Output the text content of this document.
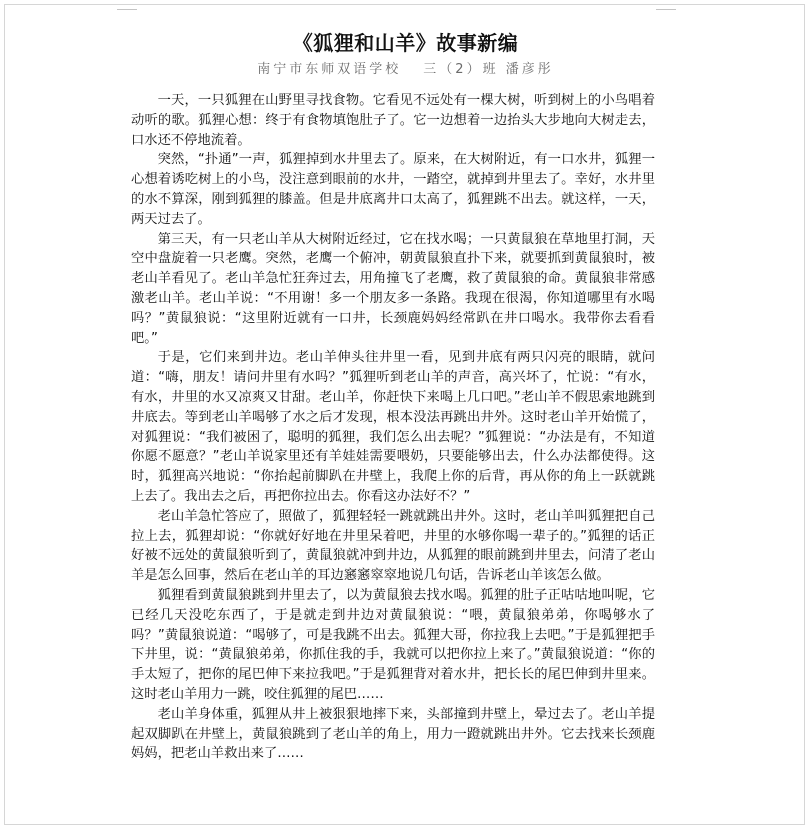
《狐狸和山羊》故事新编
南宁市东师双语学校 三（2）班 潘彦彤

一天，一只狐狸在山野里寻找食物。它看见不远处有一棵大树，听到树上的小鸟唱着动听的歌。狐狸心想：终于有食物填饱肚子了。它一边想着一边抬头大步地向大树走去，口水还不停地流着。

突然，“扑通”一声，狐狸掉到水井里去了。原来，在大树附近，有一口水井，狐狸一心想着诱吃树上的小鸟，没注意到眼前的水井，一踏空，就掉到井里去了。幸好，水井里的水不算深，刚到狐狸的膝盖。但是井底离井口太高了，狐狸跳不出去。就这样，一天，两天过去了。

第三天，有一只老山羊从大树附近经过，它在找水喝；一只黄鼠狼在草地里打洞，天空中盘旋着一只老鹰。突然，老鹰一个俯冲，朝黄鼠狼直扑下来，就要抓到黄鼠狼时，被老山羊看见了。老山羊急忙狂奔过去，用角撞飞了老鹰，救了黄鼠狼的命。黄鼠狼非常感激老山羊。老山羊说：“不用谢！多一个朋友多一条路。我现在很渴，你知道哪里有水喝吗？”黄鼠狼说：“这里附近就有一口井，长颈鹿妈妈经常趴在井口喝水。我带你去看看吧。”

于是，它们来到井边。老山羊伸头往井里一看，见到井底有两只闪亮的眼睛，就问道：“嗨，朋友！请问井里有水吗？”狐狸听到老山羊的声音，高兴坏了，忙说：“有水，有水，井里的水又凉爽又甘甜。老山羊，你赶快下来喝上几口吧。”老山羊不假思索地跳到井底去。等到老山羊喝够了水之后才发现，根本没法再跳出井外。这时老山羊开始慌了，对狐狸说：“我们被困了，聪明的狐狸，我们怎么出去呢？”狐狸说：“办法是有，不知道你愿不愿意？”老山羊说家里还有羊娃娃需要喂奶，只要能够出去，什么办法都使得。这时，狐狸高兴地说：“你抬起前脚趴在井壁上，我爬上你的后背，再从你的角上一跃就跳上去了。我出去之后，再把你拉出去。你看这办法好不？”

老山羊急忙答应了，照做了，狐狸轻轻一跳就跳出井外。这时，老山羊叫狐狸把自己拉上去，狐狸却说：“你就好好地在井里呆着吧，井里的水够你喝一辈子的。”狐狸的话正好被不远处的黄鼠狼听到了，黄鼠狼就冲到井边，从狐狸的眼前跳到井里去，问清了老山羊是怎么回事，然后在老山羊的耳边窸窸窣窣地说几句话，告诉老山羊该怎么做。

狐狸看到黄鼠狼跳到井里去了，以为黄鼠狼去找水喝。狐狸的肚子正咕咕地叫呢，它已经几天没吃东西了，于是就走到井边对黄鼠狼说：“喂，黄鼠狼弟弟，你喝够水了吗？”黄鼠狼说道：“喝够了，可是我跳不出去。狐狸大哥，你拉我上去吧。”于是狐狸把手下井里，说：“黄鼠狼弟弟，你抓住我的手，我就可以把你拉上来了。”黄鼠狼说道：“你的手太短了，把你的尾巴伸下来拉我吧。”于是狐狸背对着水井，把长长的尾巴伸到井里来。这时老山羊用力一跳，咬住狐狸的尾巴……

老山羊身体重，狐狸从井上被狠狠地摔下来，头部撞到井壁上，晕过去了。老山羊提起双脚趴在井壁上，黄鼠狼跳到了老山羊的角上，用力一蹬就跳出井外。它去找来长颈鹿妈妈，把老山羊救出来了……
